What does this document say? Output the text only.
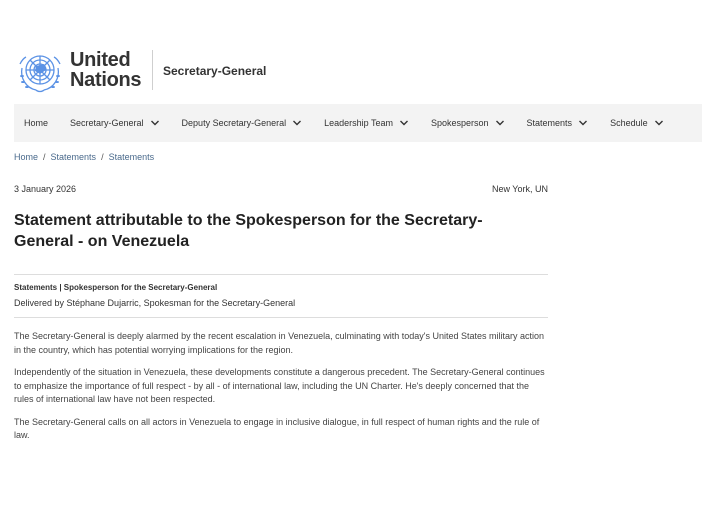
United
Nations Secretary-General
Home Secretary-General	Deputy Secretary-General	Leadership Team	Spokesperson	Statements	Schedule
Home / Statements / Statements
3 January 2026	New York, UN
Statement attributable to the Spokesperson for the Secretary-General - on Venezuela
Statements | Spokesperson for the Secretary-General
Delivered by Stéphane Dujarric, Spokesman for the Secretary-General

The Secretary-General is deeply alarmed by the recent escalation in Venezuela, culminating with today's United States military action in the country, which has potential worrying implications for the region.

Independently of the situation in Venezuela, these developments constitute a dangerous precedent. The Secretary-General continues to emphasize the importance of full respect - by all - of international law, including the UN Charter. He's deeply concerned that the rules of international law have not been respected.

The Secretary-General calls on all actors in Venezuela to engage in inclusive dialogue, in full respect of human rights and the rule of law.
